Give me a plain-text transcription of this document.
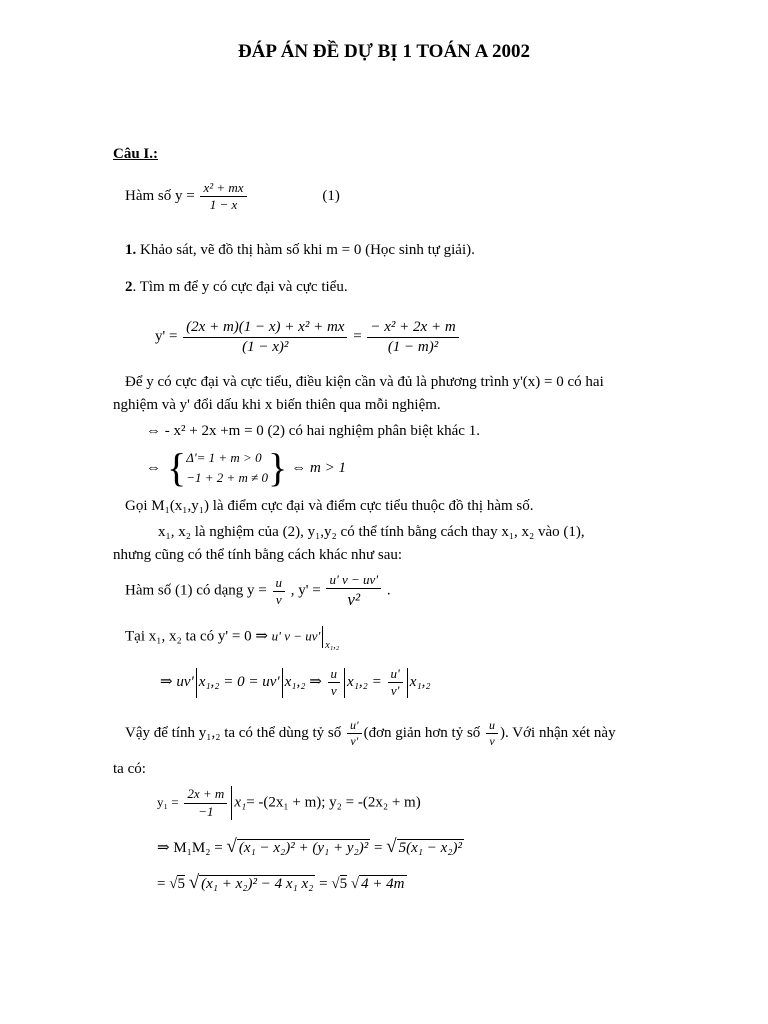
ĐÁP ÁN ĐỀ DỰ BỊ 1 TOÁN A 2002
Câu I.:
Hàm số $y = \frac{\text{x² + mx}}{1 - x}$	(1)
1. Khảo sát, vẽ đồ thị hàm số khi m = 0 (Học sinh tự giải).
2. Tìm m để y có cực đại và cực tiểu.
$y' = \frac{\text{(2x + m)(1 − x) + x² + mx}}{\text{(1 − x)²}} = \frac{\text{− x² + 2x + m}}{\text{(1 − m)²}}$
Để y có cực đại và cực tiểu, điều kiện cần và đủ là phương trình y'(x) = 0 có hai
nghiệm và y' đổi dấu khi x biến thiên qua mỗi nghiệm.
⇔ - x² + 2x +m = 0 (2) có hai nghiệm phân biệt khác 1.
⇔ { Δ'= 1 + m > 0
−1 + 2 + m ≠ 0 } ⇔ m > 1
Gọi M₁(x₁,y₁) là điểm cực đại và điểm cực tiểu thuộc đồ thị hàm số.
x₁, x₂ là nghiệm của (2), y₁,y₂ có thể tính bằng cách thay x₁, x₂ vào (1),
nhưng cũng có thể tính bằng cách khác như sau:
Hàm số (1) có dạng $y = \frac{u}{v}$ , $y' = \frac{u' v - uv'}{\text{v²}}$ .
Tại x₁, x₂ ta có y' = 0 ⇒ u' $v - uv'_{x_1,_2}$
⇒ uv' x₁,₂ = 0 = uv' x₁,₂ ⇒ $\frac{u}{v} x_1,_2 = \frac{u'}{v'} x_1,_2$
Vậy để tính y₁,₂ ta có thể dùng tỷ số $\frac{u'}{v'}$ (đơn giản hơn tỷ số $\frac{u}{v}$ ). Với nhận xét này
ta có:
$y_1 = \frac{2x + m}{-1} x_1= -(2x_1 + m)$; y₂ = -(2x₂ + m)
⇒ M₁M₂ = √ (x₁ − x₂)² + (y₁ + y₂)² = √ 5(x₁ − x₂)²
= √5 √ (x₁ + x₂)² − 4 x₁ x₂ = √5 √ 4 + 4m
